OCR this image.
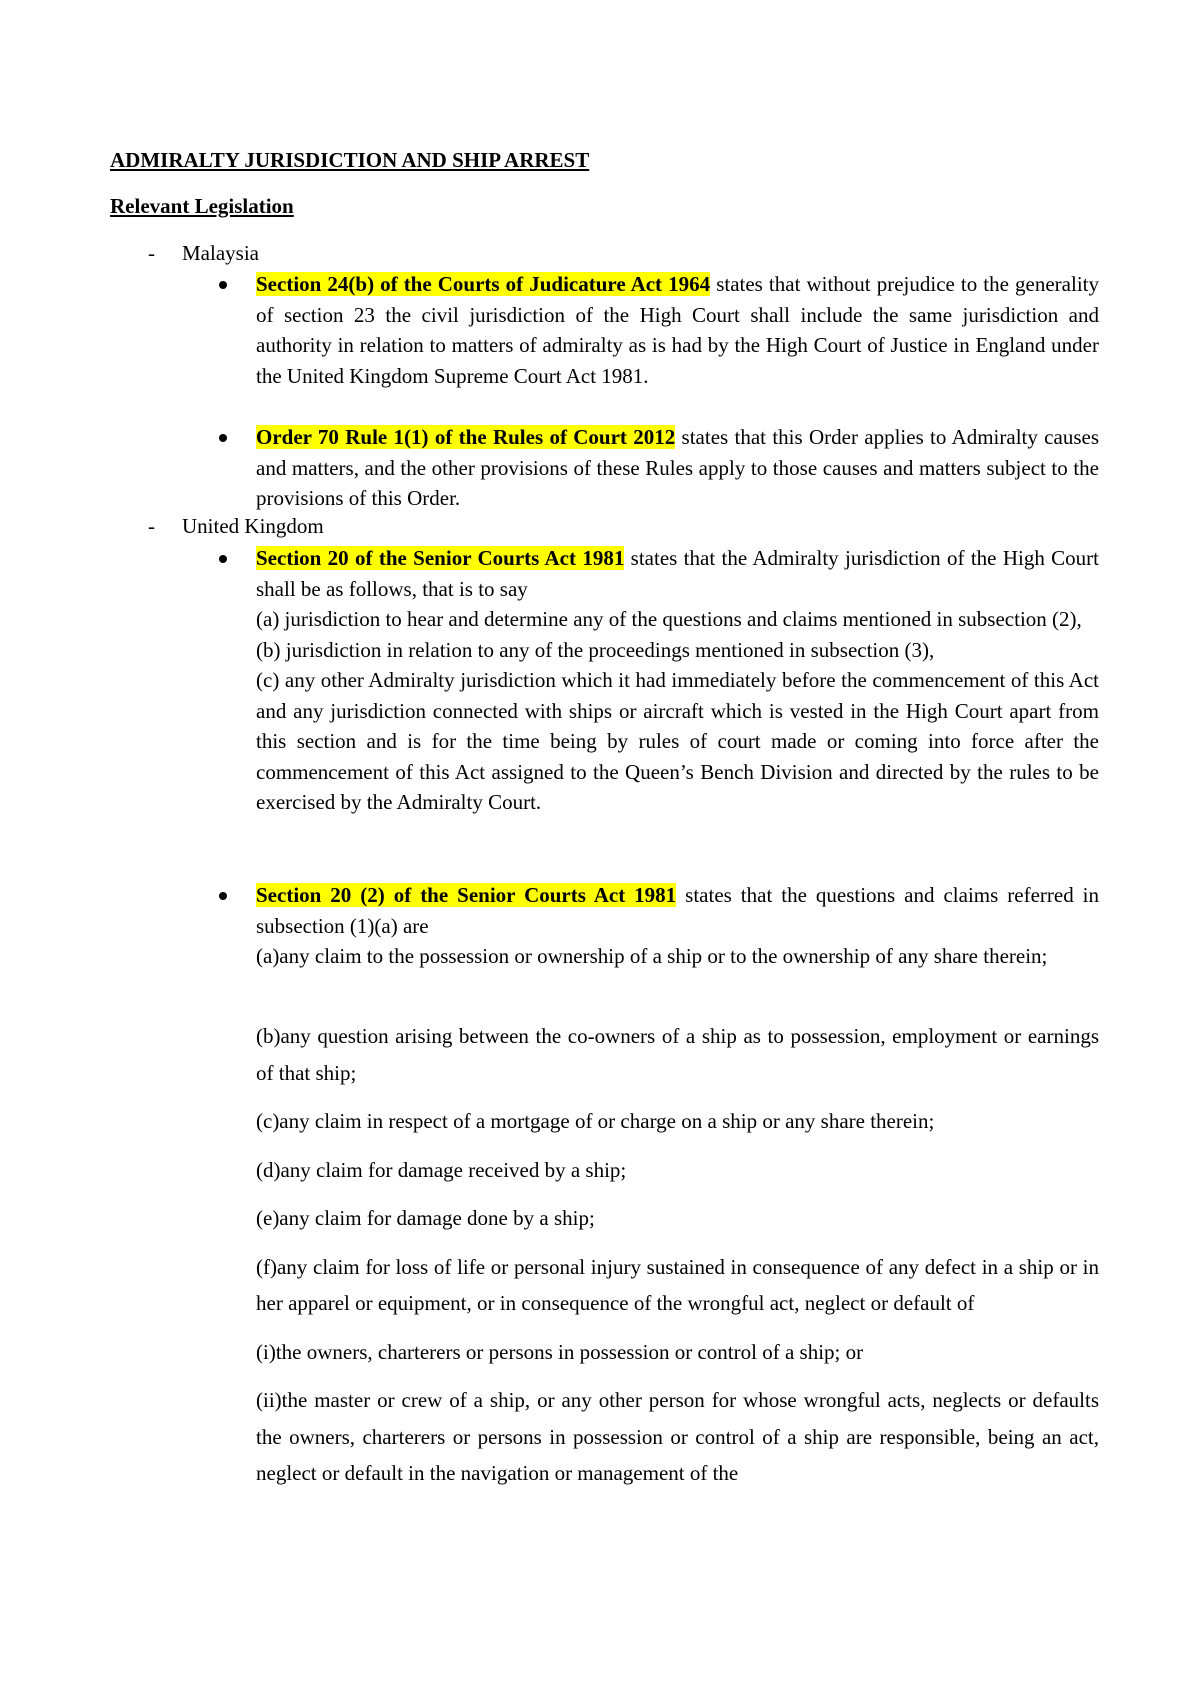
ADMIRALTY JURISDICTION AND SHIP ARREST
Relevant Legislation
- Malaysia

Section 24(b) of the Courts of Judicature Act 1964 states that without prejudice to the generality of section 23 the civil jurisdiction of the High Court shall include the same jurisdiction and authority in relation to matters of admiralty as is had by the High Court of Justice in England under the United Kingdom Supreme Court Act 1981.

Order 70 Rule 1(1) of the Rules of Court 2012 states that this Order applies to Admiralty causes and matters, and the other provisions of these Rules apply to those causes and matters subject to the provisions of this Order.

- United Kingdom

Section 20 of the Senior Courts Act 1981 states that the Admiralty jurisdiction of the High Court shall be as follows, that is to say

(a) jurisdiction to hear and determine any of the questions and claims mentioned in subsection (2),

(b) jurisdiction in relation to any of the proceedings mentioned in subsection (3),

(c) any other Admiralty jurisdiction which it had immediately before the commencement of this Act and any jurisdiction connected with ships or aircraft which is vested in the High Court apart from this section and is for the time being by rules of court made or coming into force after the commencement of this Act assigned to the Queen’s Bench Division and directed by the rules to be exercised by the Admiralty Court.

Section 20 (2) of the Senior Courts Act 1981 states that the questions and claims referred in subsection (1)(a) are

(a)any claim to the possession or ownership of a ship or to the ownership of any share therein;

(b)any question arising between the co-owners of a ship as to possession, employment or earnings of that ship;

(c)any claim in respect of a mortgage of or charge on a ship or any share therein;

(d)any claim for damage received by a ship;

(e)any claim for damage done by a ship;

(f)any claim for loss of life or personal injury sustained in consequence of any defect in a ship or in her apparel or equipment, or in consequence of the wrongful act, neglect or default of

(i)the owners, charterers or persons in possession or control of a ship; or

(ii)the master or crew of a ship, or any other person for whose wrongful acts, neglects or defaults the owners, charterers or persons in possession or control of a ship are responsible, being an act, neglect or default in the navigation or management of the
